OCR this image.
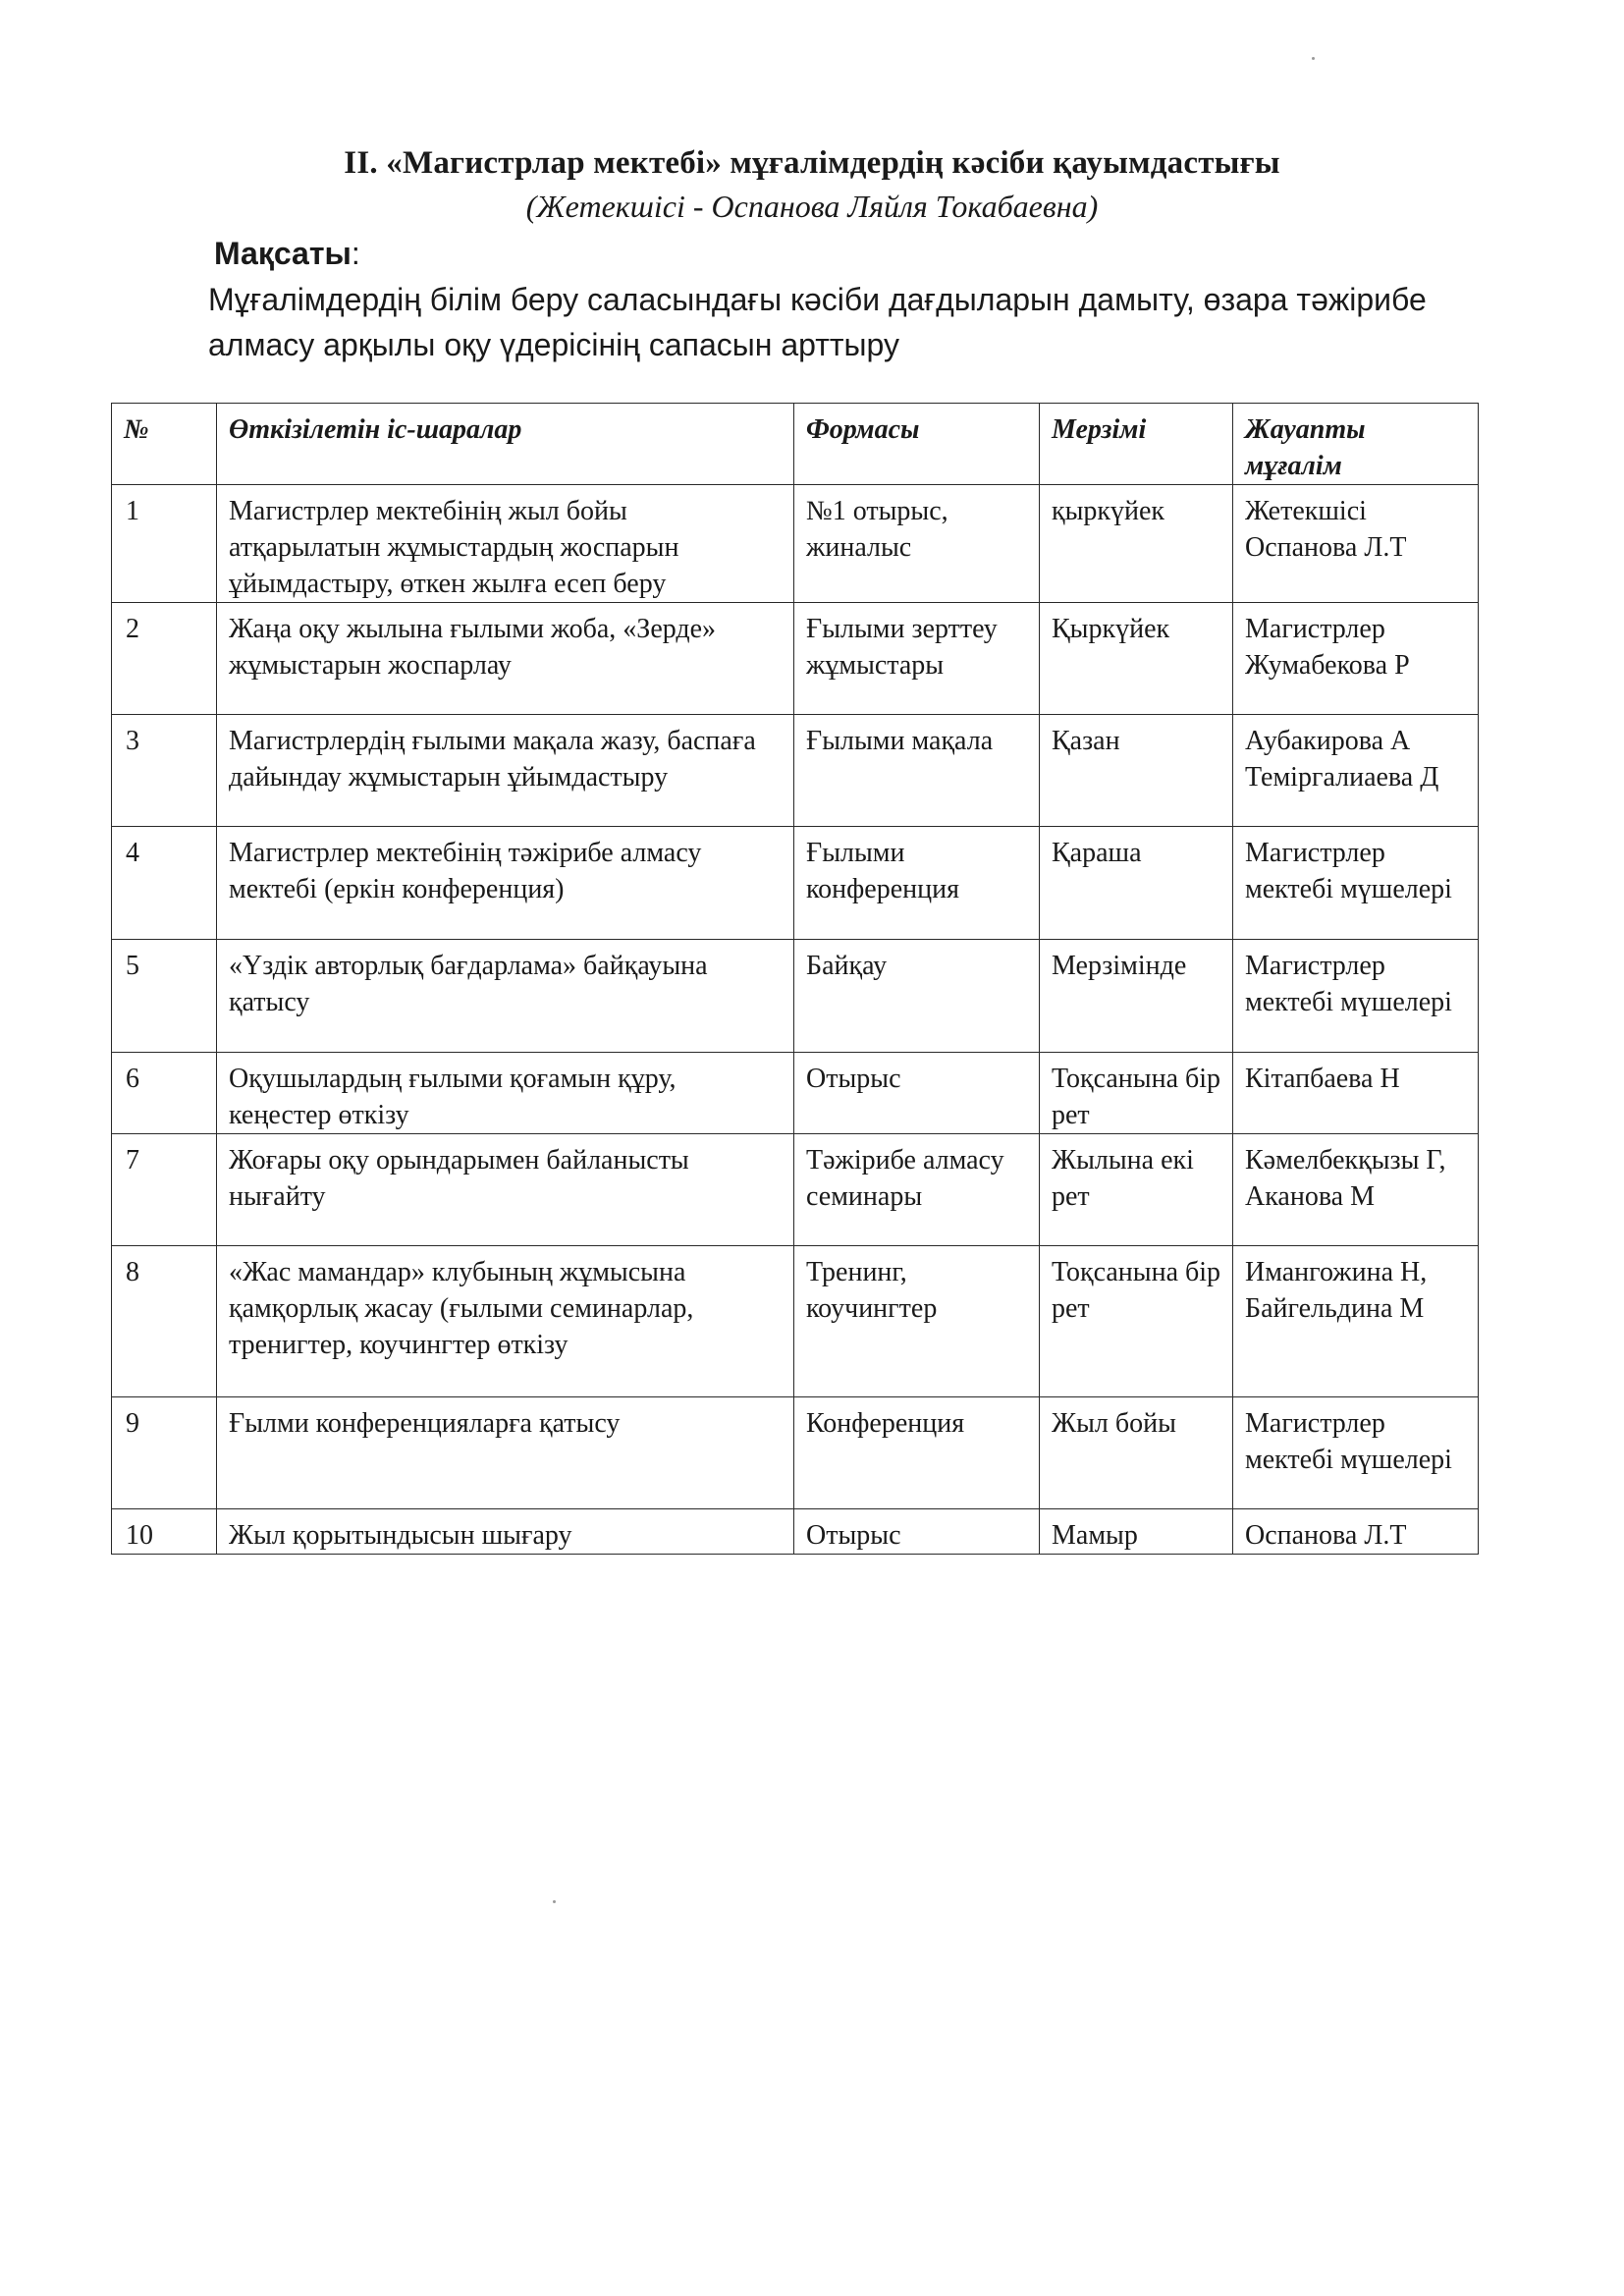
II. «Магистрлар мектебі» мұғалімдердің кәсіби қауымдастығы
(Жетекшісі - Оспанова Ляйля Токабаевна)
Мақсаты:
Мұғалімдердің білім беру саласындағы кәсіби дағдыларын дамыту, өзара тәжірибе алмасу арқылы оқу үдерісінің сапасын арттыру
№	Өткізілетін іс-шаралар	Формасы	Мерзімі	Жауапты мұғалім
1	Магистрлер мектебінің жыл бойы атқарылатын жұмыстардың жоспарын ұйымдастыру, өткен жылға есеп беру	№1 отырыс, жиналыс	қыркүйек	Жетекшісі Оспанова Л.Т
2	Жаңа оқу жылына ғылыми жоба, «Зерде» жұмыстарын жоспарлау	Ғылыми зерттеу жұмыстары	Қыркүйек	Магистрлер Жумабекова Р
3	Магистрлердің ғылыми мақала жазу, баспаға дайындау жұмыстарын ұйымдастыру	Ғылыми мақала	Қазан	Аубакирова А Теміргалиаева Д
4	Магистрлер мектебінің тәжірибе алмасу мектебі (еркін конференция)	Ғылыми конференция	Қараша	Магистрлер мектебі мүшелері
5	«Үздік авторлық бағдарлама» байқауына қатысу	Байқау	Мерзімінде	Магистрлер мектебі мүшелері
6	Оқушылардың ғылыми қоғамын құру, кеңестер өткізу	Отырыс	Тоқсанына бір рет	Кітапбаева Н
7	Жоғары оқу орындарымен байланысты нығайту	Тәжірибе алмасу семинары	Жылына екі рет	Кәмелбекқызы Г, Аканова М
8	«Жас мамандар» клубының жұмысына қамқорлық жасау (ғылыми семинарлар, тренигтер, коучингтер өткізу	Тренинг, коучингтер	Тоқсанына бір рет	Имангожина Н, Байгельдина М
9	Ғылми конференцияларға қатысу	Конференция	Жыл бойы	Магистрлер мектебі мүшелері
10	Жыл қорытындысын шығару	Отырыс	Мамыр	Оспанова Л.Т
